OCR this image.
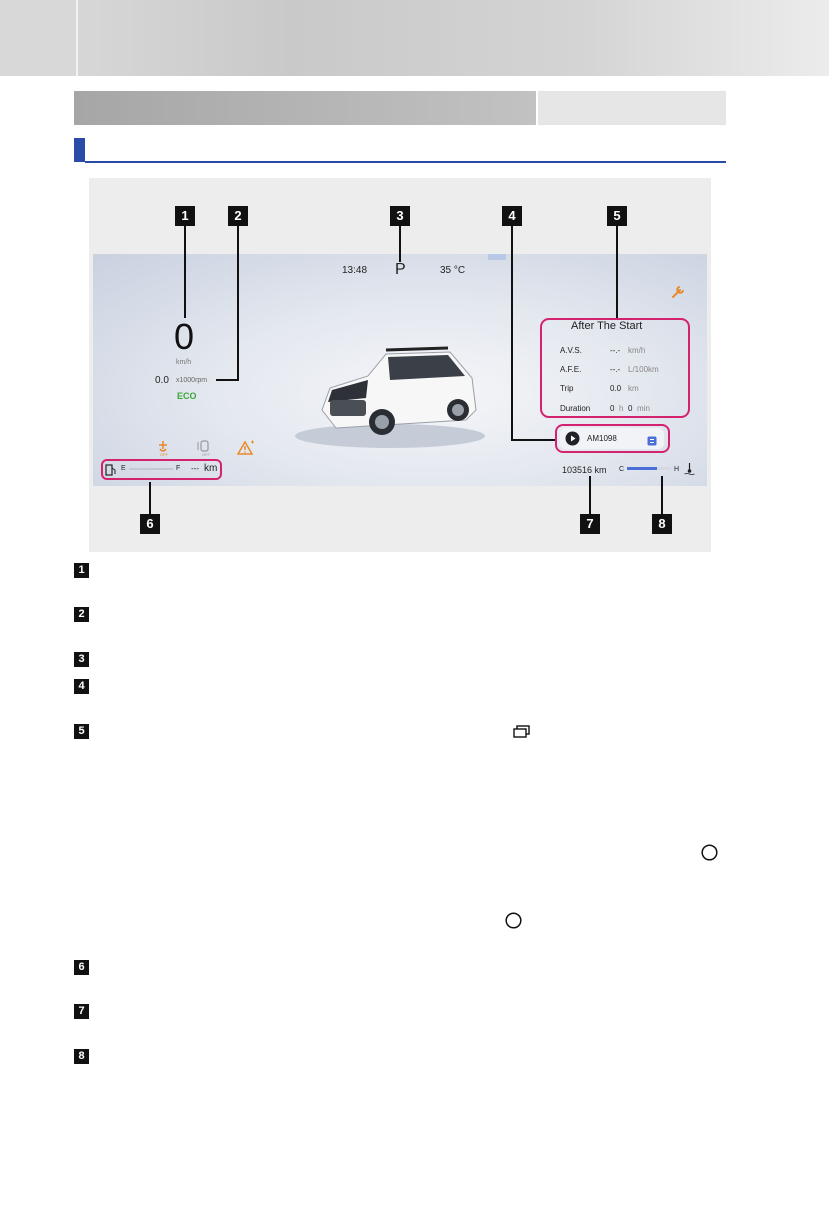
1	2	3	4	5
6	7	8
13:48 P	35 °C
0
km/h
0.0 x1000rpm
ECO
OFF	OFF
E	F --- km
After The Start
A.V.S.	--.- km/h
A.F.E.	--.- L/100km
Trip	0.0 km
Duration 0 h 0 min
AM1098
103516 km C	H
1
2
3
4
5
6
7
8
